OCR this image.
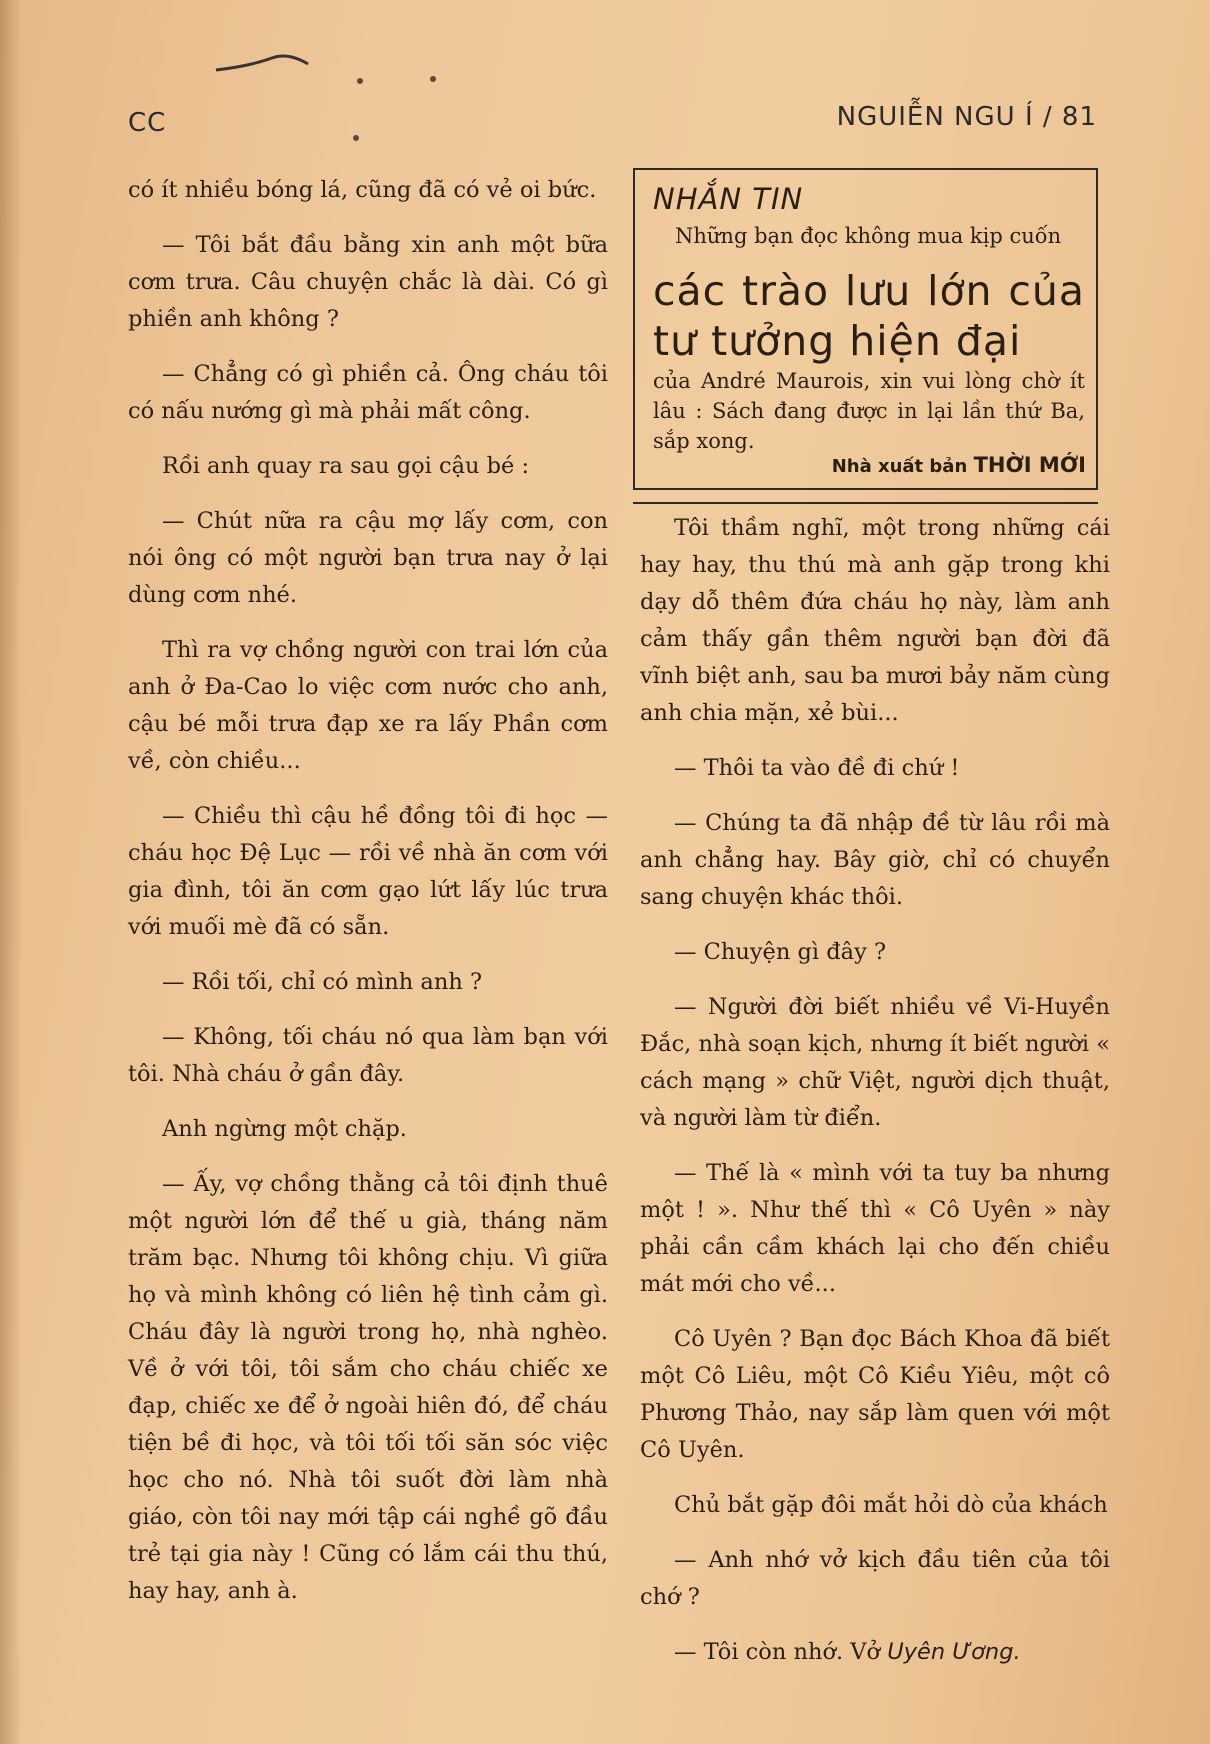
CC	NGUIỄN NGU Í / 81

có ít nhiều bóng lá, cũng đã có vẻ oi bức.

— Tôi bắt đầu bằng xin anh một bữa cơm trưa. Câu chuyện chắc là dài. Có gì phiền anh không ?

— Chẳng có gì phiền cả. Ông cháu tôi có nấu nướng gì mà phải mất công.

Rồi anh quay ra sau gọi cậu bé :

— Chút nữa ra cậu mợ lấy cơm, con nói ông có một người bạn trưa nay ở lại dùng cơm nhé.

Thì ra vợ chồng người con trai lớn của anh ở Đa-Cao lo việc cơm nước cho anh, cậu bé mỗi trưa đạp xe ra lấy Phần cơm về, còn chiều...

— Chiều thì cậu hề đồng tôi đi học — cháu học Đệ Lục — rồi về nhà ăn cơm với gia đình, tôi ăn cơm gạo lứt lấy lúc trưa với muối mè đã có sẵn.

— Rồi tối, chỉ có mình anh ?

— Không, tối cháu nó qua làm bạn với tôi. Nhà cháu ở gần đây.

Anh ngừng một chặp.

— Ấy, vợ chồng thằng cả tôi định thuê một người lớn để thế u già, tháng năm trăm bạc. Nhưng tôi không chịu. Vì giữa họ và mình không có liên hệ tình cảm gì. Cháu đây là người trong họ, nhà nghèo. Về ở với tôi, tôi sắm cho cháu chiếc xe đạp, chiếc xe để ở ngoài hiên đó, để cháu tiện bề đi học, và tôi tối tối săn sóc việc học cho nó. Nhà tôi suốt đời làm nhà giáo, còn tôi nay mới tập cái nghề gõ đầu trẻ tại gia này ! Cũng có lắm cái thu thú, hay hay, anh à.

NHẮN TIN
Những bạn đọc không mua kịp cuốn
các trào lưu lớn của tư tưởng hiện đại
của André Maurois, xin vui lòng chờ ít lâu : Sách đang được in lại lần thứ Ba, sắp xong.
Nhà xuất bản THỜI MỚI

Tôi thầm nghĩ, một trong những cái hay hay, thu thú mà anh gặp trong khi dạy dỗ thêm đứa cháu họ này, làm anh cảm thấy gần thêm người bạn đời đã vĩnh biệt anh, sau ba mươi bảy năm cùng anh chia mặn, xẻ bùi...

— Thôi ta vào đề đi chứ !

— Chúng ta đã nhập đề từ lâu rồi mà anh chẳng hay. Bây giờ, chỉ có chuyển sang chuyện khác thôi.

— Chuyện gì đây ?

— Người đời biết nhiều về Vi-Huyền Đắc, nhà soạn kịch, nhưng ít biết người « cách mạng » chữ Việt, người dịch thuật, và người làm từ điển.

— Thế là « mình với ta tuy ba nhưng một ! ». Như thế thì « Cô Uyên » này phải cần cầm khách lại cho đến chiều mát mới cho về...

Cô Uyên ? Bạn đọc Bách Khoa đã biết một Cô Liêu, một Cô Kiều Yiêu, một cô Phương Thảo, nay sắp làm quen với một Cô Uyên.

Chủ bắt gặp đôi mắt hỏi dò của khách

— Anh nhớ vở kịch đầu tiên của tôi chớ ?

— Tôi còn nhớ. Vở Uyên Ương.
